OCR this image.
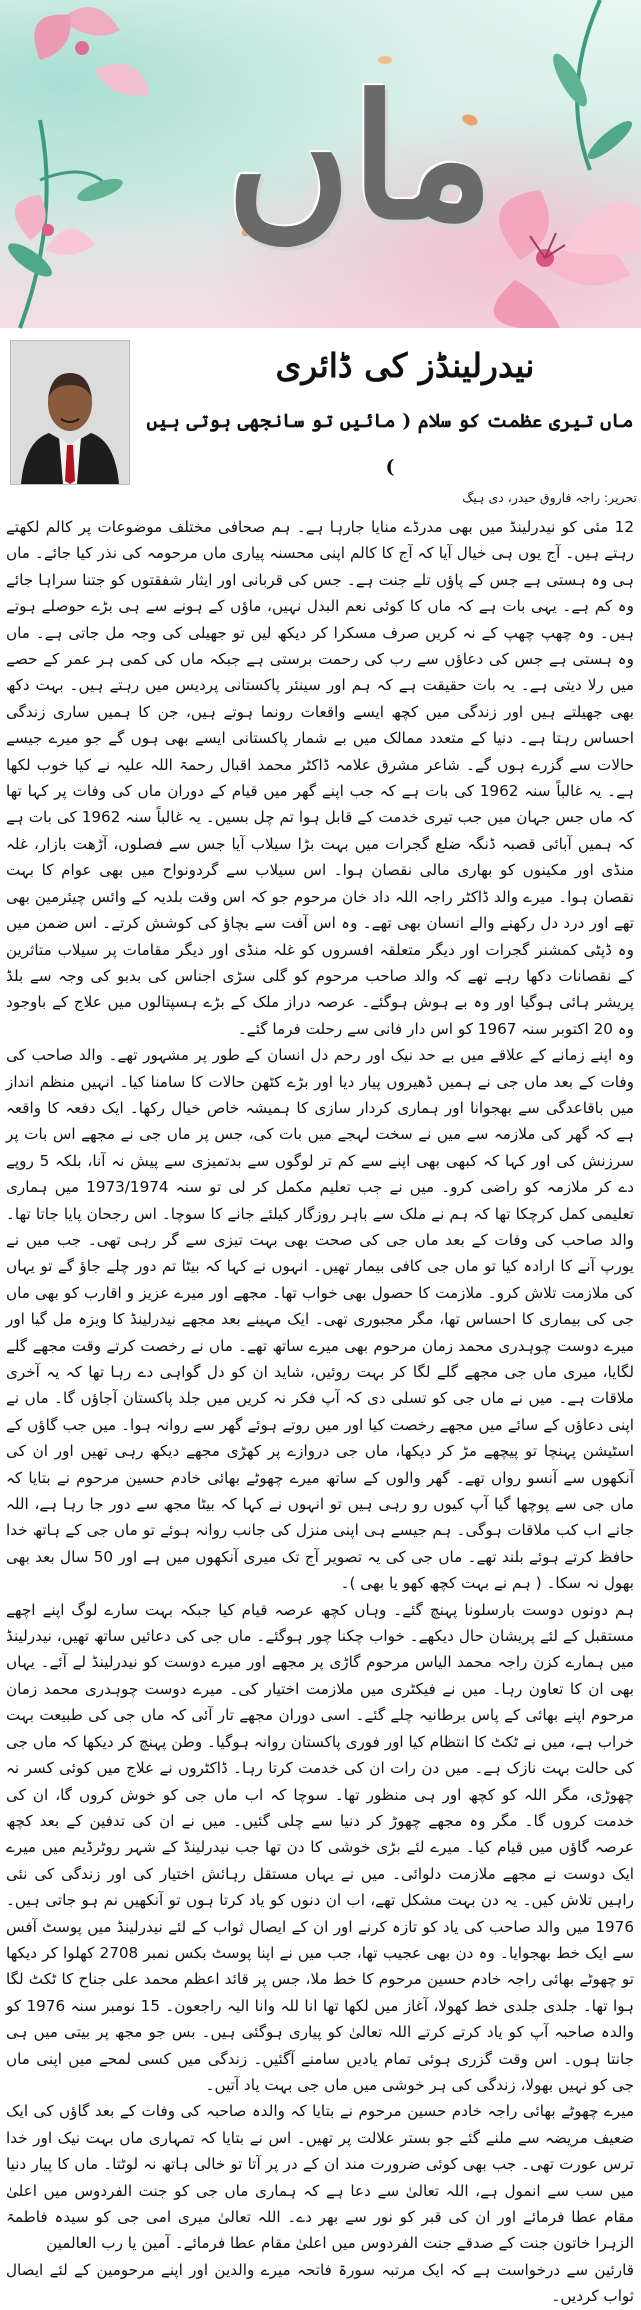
ماں
نیدرلینڈز کی ڈائری
ماں تیری عظمت کو سلام ( مائیں تو سانجھی ہوتی ہیں )
تحریر: راجہ فاروق حیدر، دی ہیگ

12 مئی کو نیدرلینڈ میں بھی مدرڈے منایا جارہا ہے۔ ہم صحافی مختلف موضوعات پر کالم لکھتے رہتے ہیں۔ آج یوں ہی خیال آیا کہ آج کا کالم اپنی محسنہ پیاری ماں مرحومہ کی نذر کیا جائے۔ ماں ہی وہ ہستی ہے جس کے پاؤں تلے جنت ہے۔ جس کی قربانی اور ایثار شفقتوں کو جتنا سراہا جائے وہ کم ہے۔ یہی بات ہے کہ ماں کا کوئی نعم البدل نہیں، ماؤں کے ہونے سے ہی بڑے حوصلے ہوتے ہیں۔ وہ چھپ چھپ کے نہ کریں صرف مسکرا کر دیکھ لیں تو جھیلی کی وجہ مل جاتی ہے۔ ماں وہ ہستی ہے جس کی دعاؤں سے رب کی رحمت برستی ہے جبکہ ماں کی کمی ہر عمر کے حصے میں رلا دیتی ہے۔ یہ بات حقیقت ہے کہ ہم اور سینئر پاکستانی پردیس میں رہتے ہیں۔ بہت دکھ بھی جھیلتے ہیں اور زندگی میں کچھ ایسے واقعات رونما ہوتے ہیں، جن کا ہمیں ساری زندگی احساس رہتا ہے۔ دنیا کے متعدد ممالک میں بے شمار پاکستانی ایسے بھی ہوں گے جو میرے جیسے حالات سے گزرے ہوں گے۔ شاعر مشرق علامہ ڈاکٹر محمد اقبال رحمۃ اللہ علیہ نے کیا خوب لکھا ہے۔ یہ غالباً سنہ 1962 کی بات ہے کہ جب اپنے گھر میں قیام کے دوران ماں کی وفات پر کہا تھا کہ ماں جس جہان میں جب تیری خدمت کے قابل ہوا تم چل بسیں۔ یہ غالباً سنہ 1962 کی بات ہے کہ ہمیں آبائی قصبہ ڈنگہ ضلع گجرات میں بہت بڑا سیلاب آیا جس سے فصلوں، آڑھت بازار، غلہ منڈی اور مکینوں کو بھاری مالی نقصان ہوا۔ اس سیلاب سے گردونواح میں بھی عوام کا بہت نقصان ہوا۔ میرے والد ڈاکٹر راجہ اللہ داد خان مرحوم جو کہ اس وقت بلدیہ کے وائس چیئرمین بھی تھے اور درد دل رکھنے والے انسان بھی تھے۔ وہ اس آفت سے بچاؤ کی کوشش کرتے۔ اس ضمن میں وہ ڈپٹی کمشنر گجرات اور دیگر متعلقہ افسروں کو غلہ منڈی اور دیگر مقامات پر سیلاب متاثرین کے نقصانات دکھا رہے تھے کہ والد صاحب مرحوم کو گلی سڑی اجناس کی بدبو کی وجہ سے بلڈ پریشر ہائی ہوگیا اور وہ بے ہوش ہوگئے۔ عرصہ دراز ملک کے بڑے ہسپتالوں میں علاج کے باوجود وہ 20 اکتوبر سنہ 1967 کو اس دار فانی سے رحلت فرما گئے۔

وہ اپنے زمانے کے علاقے میں بے حد نیک اور رحم دل انسان کے طور پر مشہور تھے۔ والد صاحب کی وفات کے بعد ماں جی نے ہمیں ڈھیروں پیار دیا اور بڑے کٹھن حالات کا سامنا کیا۔ انہیں منظم انداز میں باقاعدگی سے بھجوانا اور ہماری کردار سازی کا ہمیشہ خاص خیال رکھا۔ ایک دفعہ کا واقعہ ہے کہ گھر کی ملازمہ سے میں نے سخت لہجے میں بات کی، جس پر ماں جی نے مجھے اس بات پر سرزنش کی اور کہا کہ کبھی بھی اپنے سے کم تر لوگوں سے بدتمیزی سے پیش نہ آنا، بلکہ 5 روپے دے کر ملازمہ کو راضی کرو۔ میں نے جب تعلیم مکمل کر لی تو سنہ 1973/1974 میں ہماری تعلیمی کمل کرچکا تھا کہ ہم نے ملک سے باہر روزگار کیلئے جانے کا سوچا۔ اس رجحان پایا جاتا تھا۔ والد صاحب کی وفات کے بعد ماں جی کی صحت بھی بہت تیزی سے گر رہی تھی۔ جب میں نے یورپ آنے کا ارادہ کیا تو ماں جی کافی بیمار تھیں۔ انہوں نے کہا کہ بیٹا تم دور چلے جاؤ گے تو یہاں کی ملازمت تلاش کرو۔ ملازمت کا حصول بھی خواب تھا۔ مجھے اور میرے عزیز و اقارب کو بھی ماں جی کی بیماری کا احساس تھا، مگر مجبوری تھی۔ ایک مہینے بعد مجھے نیدرلینڈ کا ویزہ مل گیا اور میرے دوست چوہدری محمد زمان مرحوم بھی میرے ساتھ تھے۔ ماں نے رخصت کرتے وقت مجھے گلے لگایا، میری ماں جی مجھے گلے لگا کر بہت روئیں، شاید ان کو دل گواہی دے رہا تھا کہ یہ آخری ملاقات ہے۔ میں نے ماں جی کو تسلی دی کہ آپ فکر نہ کریں میں جلد پاکستان آجاؤں گا۔ ماں نے اپنی دعاؤں کے سائے میں مجھے رخصت کیا اور میں روتے ہوئے گھر سے روانہ ہوا۔ میں جب گاؤں کے اسٹیشن پہنچا تو پیچھے مڑ کر دیکھا، ماں جی دروازے پر کھڑی مجھے دیکھ رہی تھیں اور ان کی آنکھوں سے آنسو رواں تھے۔ گھر والوں کے ساتھ میرے چھوٹے بھائی خادم حسین مرحوم نے بتایا کہ ماں جی سے پوچھا گیا آپ کیوں رو رہی ہیں تو انہوں نے کہا کہ بیٹا مجھ سے دور جا رہا ہے، اللہ جانے اب کب ملاقات ہوگی۔ ہم جیسے ہی اپنی منزل کی جانب روانہ ہوئے تو ماں جی کے ہاتھ خدا حافظ کرتے ہوئے بلند تھے۔ ماں جی کی یہ تصویر آج تک میری آنکھوں میں ہے اور 50 سال بعد بھی بھول نہ سکا۔ ( ہم نے بہت کچھ کھو یا بھی )۔

ہم دونوں دوست بارسلونا پہنچ گئے۔ وہاں کچھ عرصہ قیام کیا جبکہ بہت سارے لوگ اپنے اچھے مستقبل کے لئے پریشان حال دیکھے۔ خواب چکنا چور ہوگئے۔ ماں جی کی دعائیں ساتھ تھیں، نیدرلینڈ میں ہمارے کزن راجہ محمد الیاس مرحوم گاڑی پر مجھے اور میرے دوست کو نیدرلینڈ لے آئے۔ یہاں بھی ان کا تعاون رہا۔ میں نے فیکٹری میں ملازمت اختیار کی۔ میرے دوست چوہدری محمد زمان مرحوم اپنے بھائی کے پاس برطانیہ چلے گئے۔ اسی دوران مجھے تار آئی کہ ماں جی کی طبیعت بہت خراب ہے، میں نے ٹکٹ کا انتظام کیا اور فوری پاکستان روانہ ہوگیا۔ وطن پہنچ کر دیکھا کہ ماں جی کی حالت بہت نازک ہے۔ میں دن رات ان کی خدمت کرتا رہا۔ ڈاکٹروں نے علاج میں کوئی کسر نہ چھوڑی، مگر اللہ کو کچھ اور ہی منظور تھا۔ سوچا کہ اب ماں جی کو خوش کروں گا، ان کی خدمت کروں گا۔ مگر وہ مجھے چھوڑ کر دنیا سے چلی گئیں۔ میں نے ان کی تدفین کے بعد کچھ عرصہ گاؤں میں قیام کیا۔ میرے لئے بڑی خوشی کا دن تھا جب نیدرلینڈ کے شہر روٹرڈیم میں میرے ایک دوست نے مجھے ملازمت دلوائی۔ میں نے یہاں مستقل رہائش اختیار کی اور زندگی کی نئی راہیں تلاش کیں۔ یہ دن بہت مشکل تھے، اب ان دنوں کو یاد کرتا ہوں تو آنکھیں نم ہو جاتی ہیں۔ 1976 میں والد صاحب کی یاد کو تازہ کرنے اور ان کے ایصال ثواب کے لئے نیدرلینڈ میں پوسٹ آفس سے ایک خط بھجوایا۔ وہ دن بھی عجیب تھا، جب میں نے اپنا پوسٹ بکس نمبر 2708 کھلوا کر دیکھا تو چھوٹے بھائی راجہ خادم حسین مرحوم کا خط ملا، جس پر قائد اعظم محمد علی جناح کا ٹکٹ لگا ہوا تھا۔ جلدی جلدی خط کھولا، آغاز میں لکھا تھا انا للہ وانا الیہ راجعون۔ 15 نومبر سنہ 1976 کو والدہ صاحبہ آپ کو یاد کرتے کرتے اللہ تعالیٰ کو پیاری ہوگئی ہیں۔ بس جو مجھ پر بیتی میں ہی جانتا ہوں۔ اس وقت گزری ہوئی تمام یادیں سامنے آگئیں۔ زندگی میں کسی لمحے میں اپنی ماں جی کو نہیں بھولا، زندگی کی ہر خوشی میں ماں جی بہت یاد آتیں۔

میرے چھوٹے بھائی راجہ خادم حسین مرحوم نے بتایا کہ والدہ صاحبہ کی وفات کے بعد گاؤں کی ایک ضعیف مریضہ سے ملنے گئے جو بستر علالت پر تھیں۔ اس نے بتایا کہ تمہاری ماں بہت نیک اور خدا ترس عورت تھی۔ جب بھی کوئی ضرورت مند ان کے در پر آتا تو خالی ہاتھ نہ لوٹتا۔ ماں کا پیار دنیا میں سب سے انمول ہے، اللہ تعالیٰ سے دعا ہے کہ ہماری ماں جی کو جنت الفردوس میں اعلیٰ مقام عطا فرمائے اور ان کی قبر کو نور سے بھر دے۔ اللہ تعالیٰ میری امی جی کو سیدہ فاطمۃ الزہرا خاتون جنت کے صدقے جنت الفردوس میں اعلیٰ مقام عطا فرمائے۔ آمین یا رب العالمین

قارئین سے درخواست ہے کہ ایک مرتبہ سورۃ فاتحہ میرے والدین اور اپنے مرحومین کے لئے ایصال ثواب کردیں۔
